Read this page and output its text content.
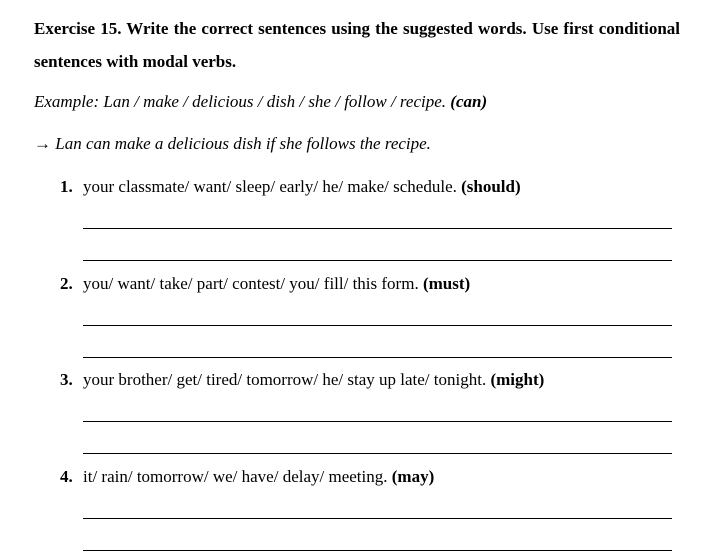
Exercise 15. Write the correct sentences using the suggested words. Use first conditional sentences with modal verbs.

Example: Lan / make / delicious / dish / she / follow / recipe. (can)
→ Lan can make a delicious dish if she follows the recipe.
1. your classmate/ want/ sleep/ early/ he/ make/ schedule. (should)
2. you/ want/ take/ part/ contest/ you/ fill/ this form. (must)
3. your brother/ get/ tired/ tomorrow/ he/ stay up late/ tonight. (might)
4. it/ rain/ tomorrow/ we/ have/ delay/ meeting. (may)
